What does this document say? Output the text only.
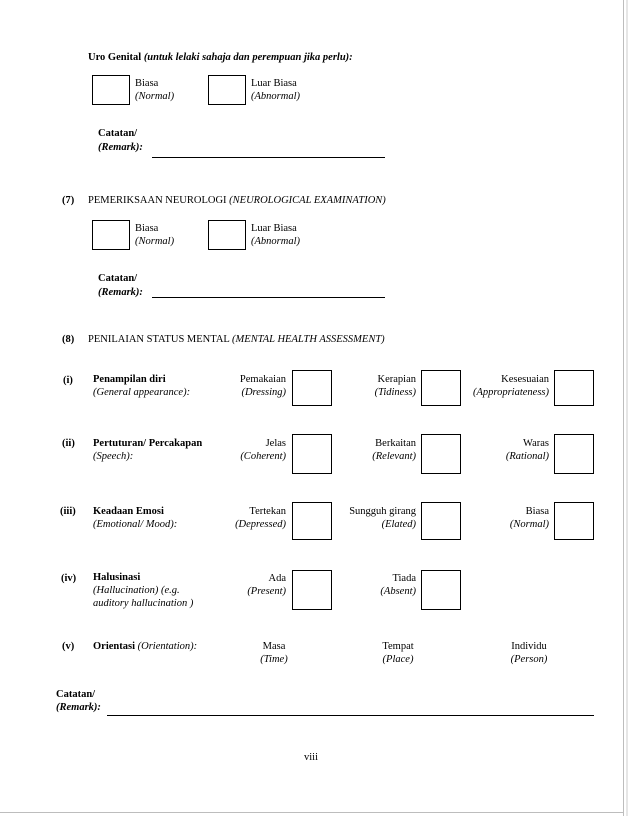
Uro Genital (untuk lelaki sahaja dan perempuan jika perlu):
Biasa
(Normal)
Luar Biasa
(Abnormal)
Catatan/
(Remark):
(7) PEMERIKSAAN NEUROLOGI (NEUROLOGICAL EXAMINATION)
Biasa
(Normal)
Luar Biasa
(Abnormal)
Catatan/
(Remark):
(8) PENILAIAN STATUS MENTAL (MENTAL HEALTH ASSESSMENT)
(i) Penampilan diri
(General appearance):
Pemakaian
(Dressing)
Kerapian
(Tidiness)
Kesesuaian
(Appropriateness)
(ii) Pertuturan/ Percakapan
(Speech):
Jelas
(Coherent)
Berkaitan
(Relevant)
Waras
(Rational)
(iii) Keadaan Emosi
(Emotional/ Mood):
Tertekan
(Depressed)
Sungguh girang
(Elated)
Biasa
(Normal)
(iv) Halusinasi
(Hallucination) (e.g.
auditory hallucination )
Ada
(Present)
Tiada
(Absent)
(v) Orientasi (Orientation):	Masa
(Time)
Tempat
(Place)
Individu
(Person)
Catatan/
(Remark):
viii
